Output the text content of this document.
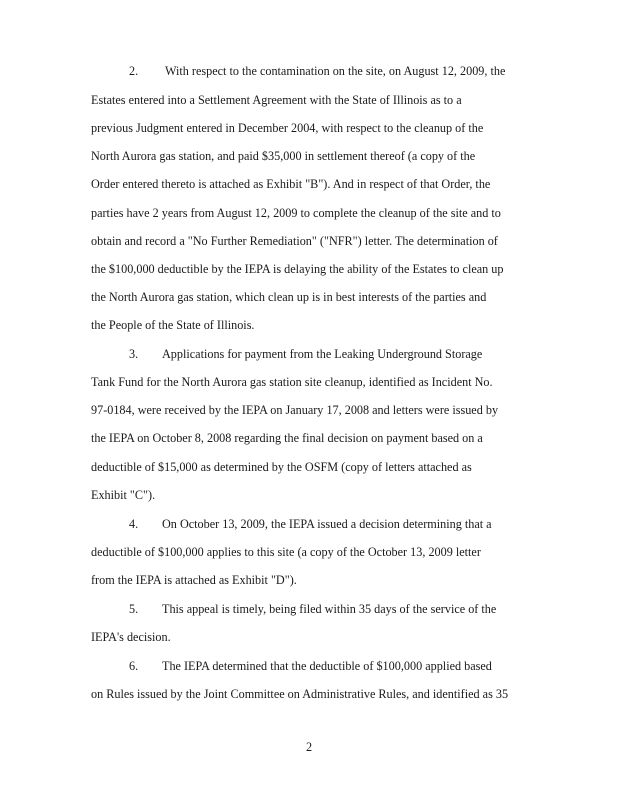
2. With respect to the contamination on the site, on August 12, 2009, the
Estates entered into a Settlement Agreement with the State of Illinois as to a
previous Judgment entered in December 2004, with respect to the cleanup of the
North Aurora gas station, and paid $35,000 in settlement thereof (a copy of the
Order entered thereto is attached as Exhibit "B"). And in respect of that Order, the
parties have 2 years from August 12, 2009 to complete the cleanup of the site and to
obtain and record a "No Further Remediation" ("NFR") letter. The determination of
the $100,000 deductible by the IEPA is delaying the ability of the Estates to clean up
the North Aurora gas station, which clean up is in best interests of the parties and
the People of the State of Illinois.
3. Applications for payment from the Leaking Underground Storage
Tank Fund for the North Aurora gas station site cleanup, identified as Incident No.
97-0184, were received by the IEPA on January 17, 2008 and letters were issued by
the IEPA on October 8, 2008 regarding the final decision on payment based on a
deductible of $15,000 as determined by the OSFM (copy of letters attached as
Exhibit "C").
4. On October 13, 2009, the IEPA issued a decision determining that a
deductible of $100,000 applies to this site (a copy of the October 13, 2009 letter
from the IEPA is attached as Exhibit "D").
5. This appeal is timely, being filed within 35 days of the service of the
IEPA's decision.
6. The IEPA determined that the deductible of $100,000 applied based
on Rules issued by the Joint Committee on Administrative Rules, and identified as 35
2
